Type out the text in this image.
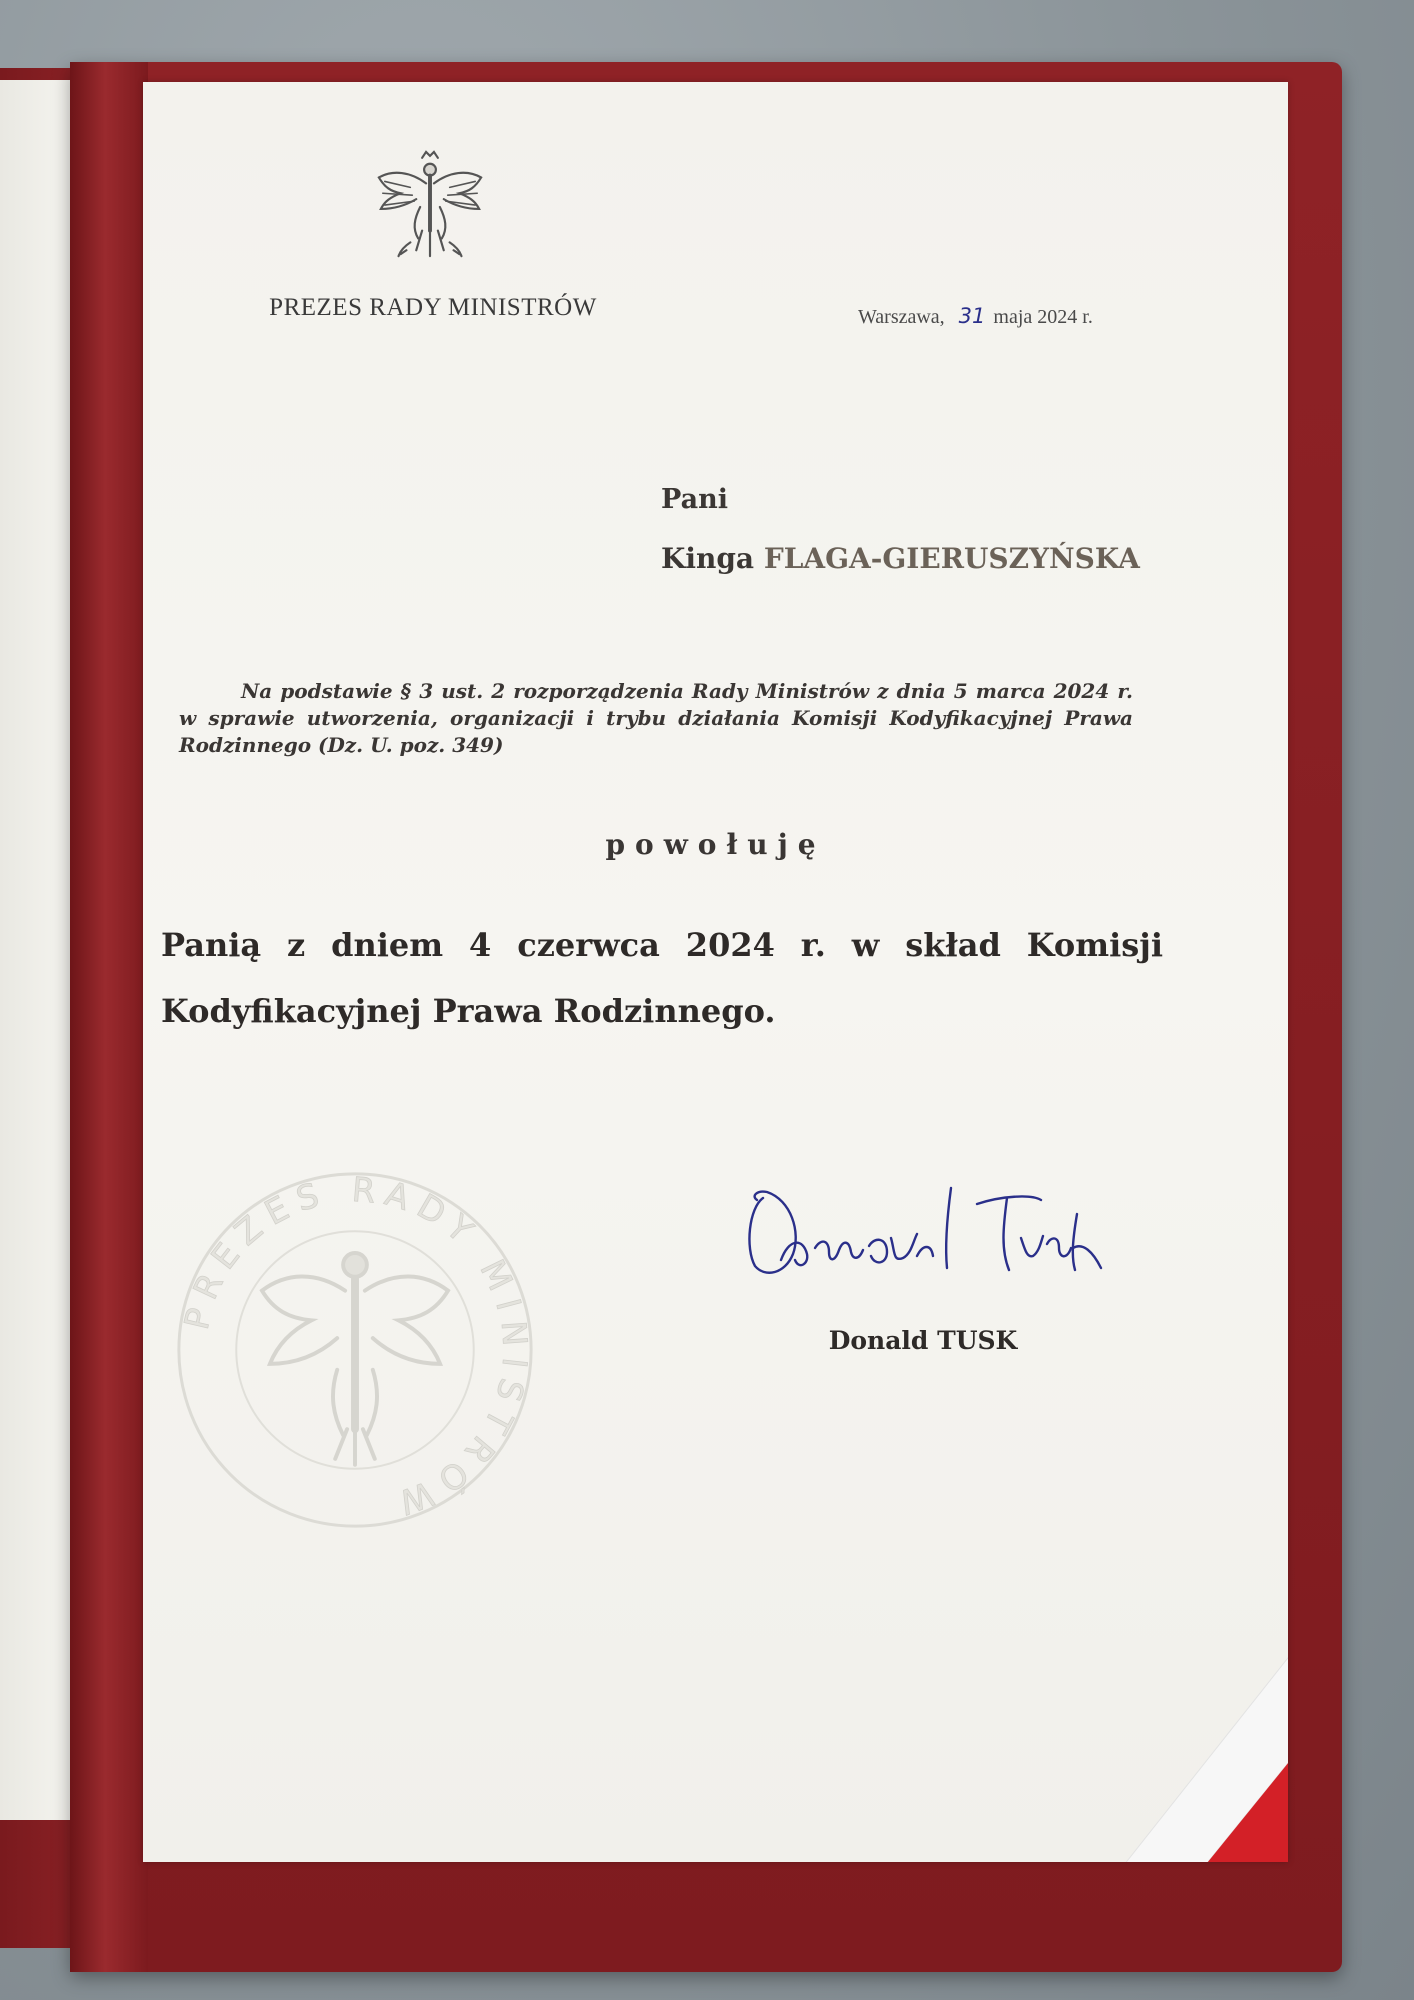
PREZES RADY MINISTRÓW	Warszawa, 31 maja 2024 r.
Pani
Kinga FLAGA-GIERUSZYŃSKA

Na podstawie § 3 ust. 2 rozporządzenia Rady Ministrów z dnia 5 marca 2024 r. w sprawie utworzenia, organizacji i trybu działania Komisji Kodyfikacyjnej Prawa Rodzinnego (Dz. U. poz. 349)

powołuję
Panią z dniem 4 czerwca 2024 r. w skład Komisji Kodyfikacyjnej Prawa Rodzinnego.
PREZES RADY MINISTRÓW
Donald TUSK
